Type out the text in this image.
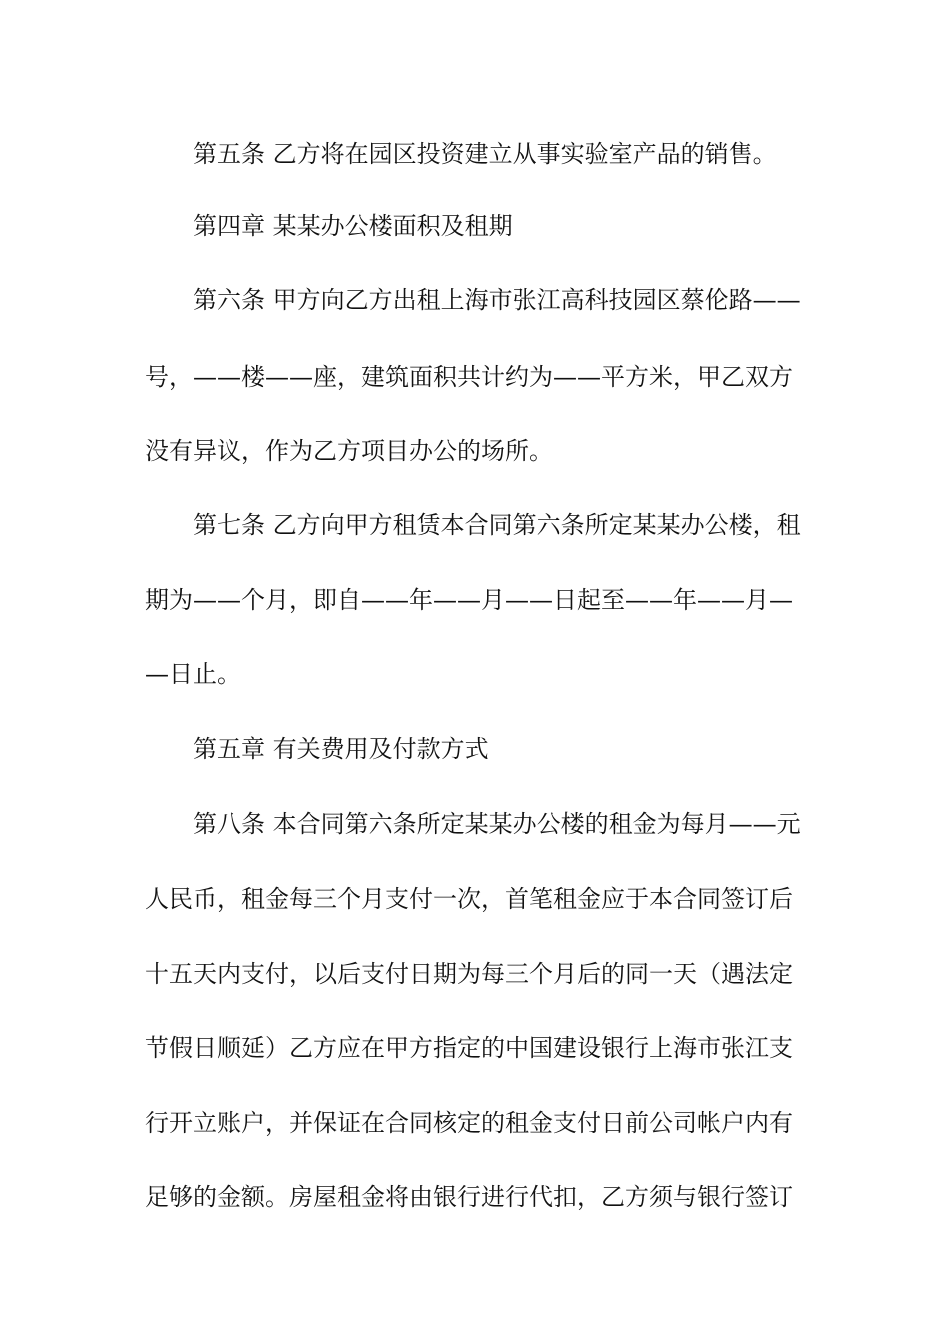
第五条 乙方将在园区投资建立从事实验室产品的销售。
第四章 某某办公楼面积及租期
第六条 甲方向乙方出租上海市张江高科技园区蔡伦路——
号，——楼——座，建筑面积共计约为——平方米，甲乙双方
没有异议，作为乙方项目办公的场所。
第七条 乙方向甲方租赁本合同第六条所定某某办公楼，租
期为——个月，即自——年——月——日起至——年——月—
—日止。
第五章 有关费用及付款方式
第八条 本合同第六条所定某某办公楼的租金为每月——元
人民币，租金每三个月支付一次，首笔租金应于本合同签订后
十五天内支付，以后支付日期为每三个月后的同一天（遇法定
节假日顺延）乙方应在甲方指定的中国建设银行上海市张江支
行开立账户，并保证在合同核定的租金支付日前公司帐户内有
足够的金额。房屋租金将由银行进行代扣，乙方须与银行签订
